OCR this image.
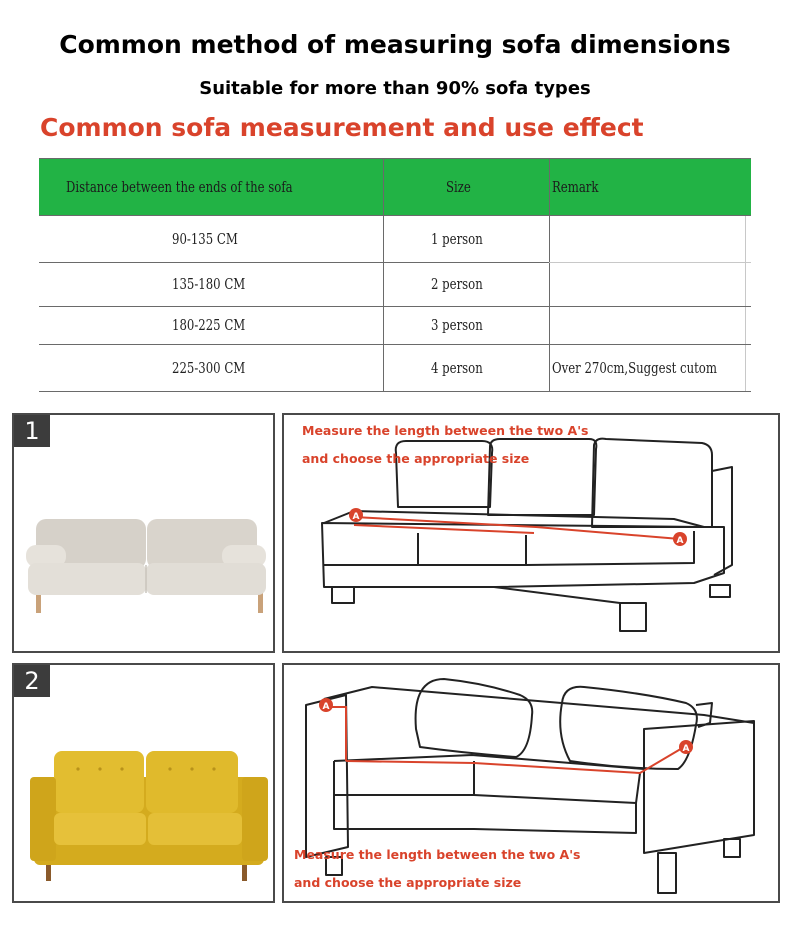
Common method of measuring sofa dimensions
Suitable for more than 90% sofa types
Common sofa measurement and use effect
Distance between the ends of the sofa	Size	Remark
90-135 CM	1 person
135-180 CM	2 person
180-225 CM	3 person
225-300 CM	4 person	Over 270cm,Suggest cutom
1
A
A
Measure the length between the two A's
and choose the appropriate size
2
A
A
Measure the length between the two A's
and choose the appropriate size
